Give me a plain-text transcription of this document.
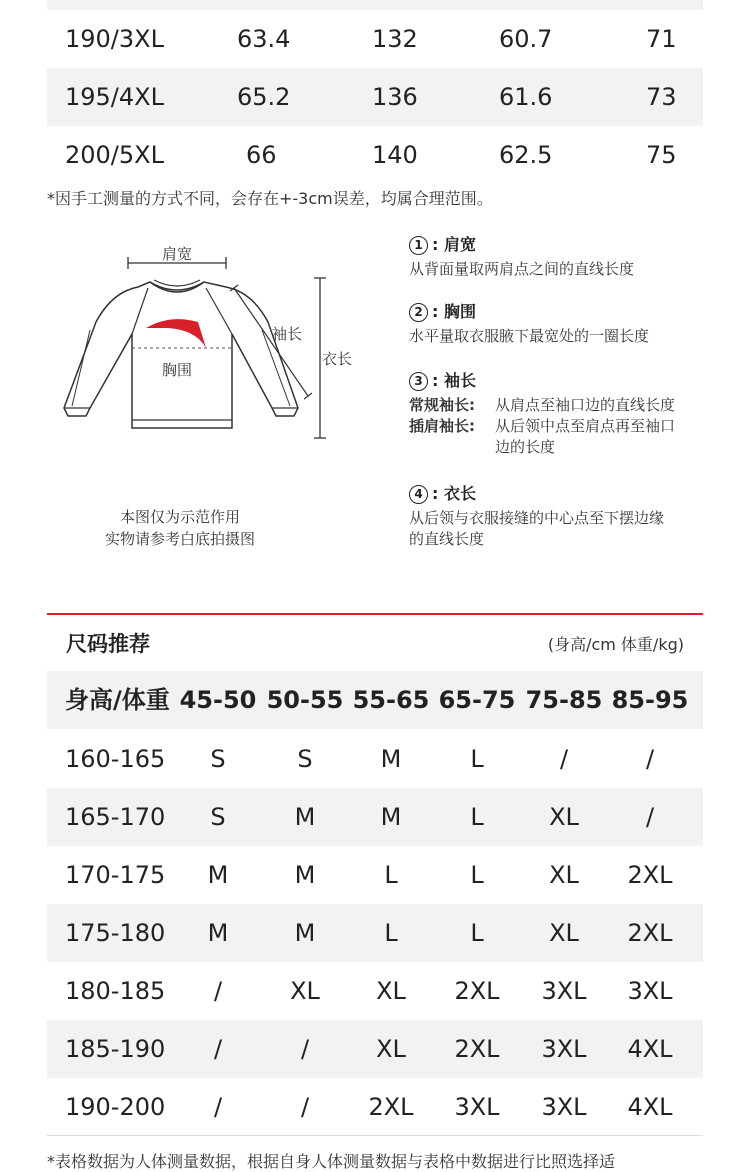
190/3XL	63.4	132	60.7	71
195/4XL	65.2	136	61.6	73
200/5XL	66	140	62.5	75
*因手工测量的方式不同，会存在+-3cm误差，均属合理范围。
肩宽
袖长
衣长
胸围
本图仅为示范作用
实物请参考白底拍摄图
1 : 肩宽
从背面量取两肩点之间的直线长度
2 : 胸围
水平量取衣服腋下最宽处的一圈长度
3 : 袖长
常规袖长: 从肩点至袖口边的直线长度
插肩袖长: 从后领中点至肩点再至袖口
边的长度
4 : 衣长
从后领与衣服接缝的中心点至下摆边缘
的直线长度
尺码推荐	(身高/cm 体重/kg)
身高/体重 45-50 50-55 55-65 65-75 75-85 85-95
160-165	S	S	M	L	/	/
165-170	S	M	M	L	XL	/
170-175	M	M	L	L	XL	2XL
175-180	M	M	L	L	XL	2XL
180-185	/	XL	XL	2XL	3XL	3XL
185-190	/	/	XL	2XL	3XL	4XL
190-200	/	/	2XL	3XL	3XL	4XL
*表格数据为人体测量数据，根据自身人体测量数据与表格中数据进行比照选择适
